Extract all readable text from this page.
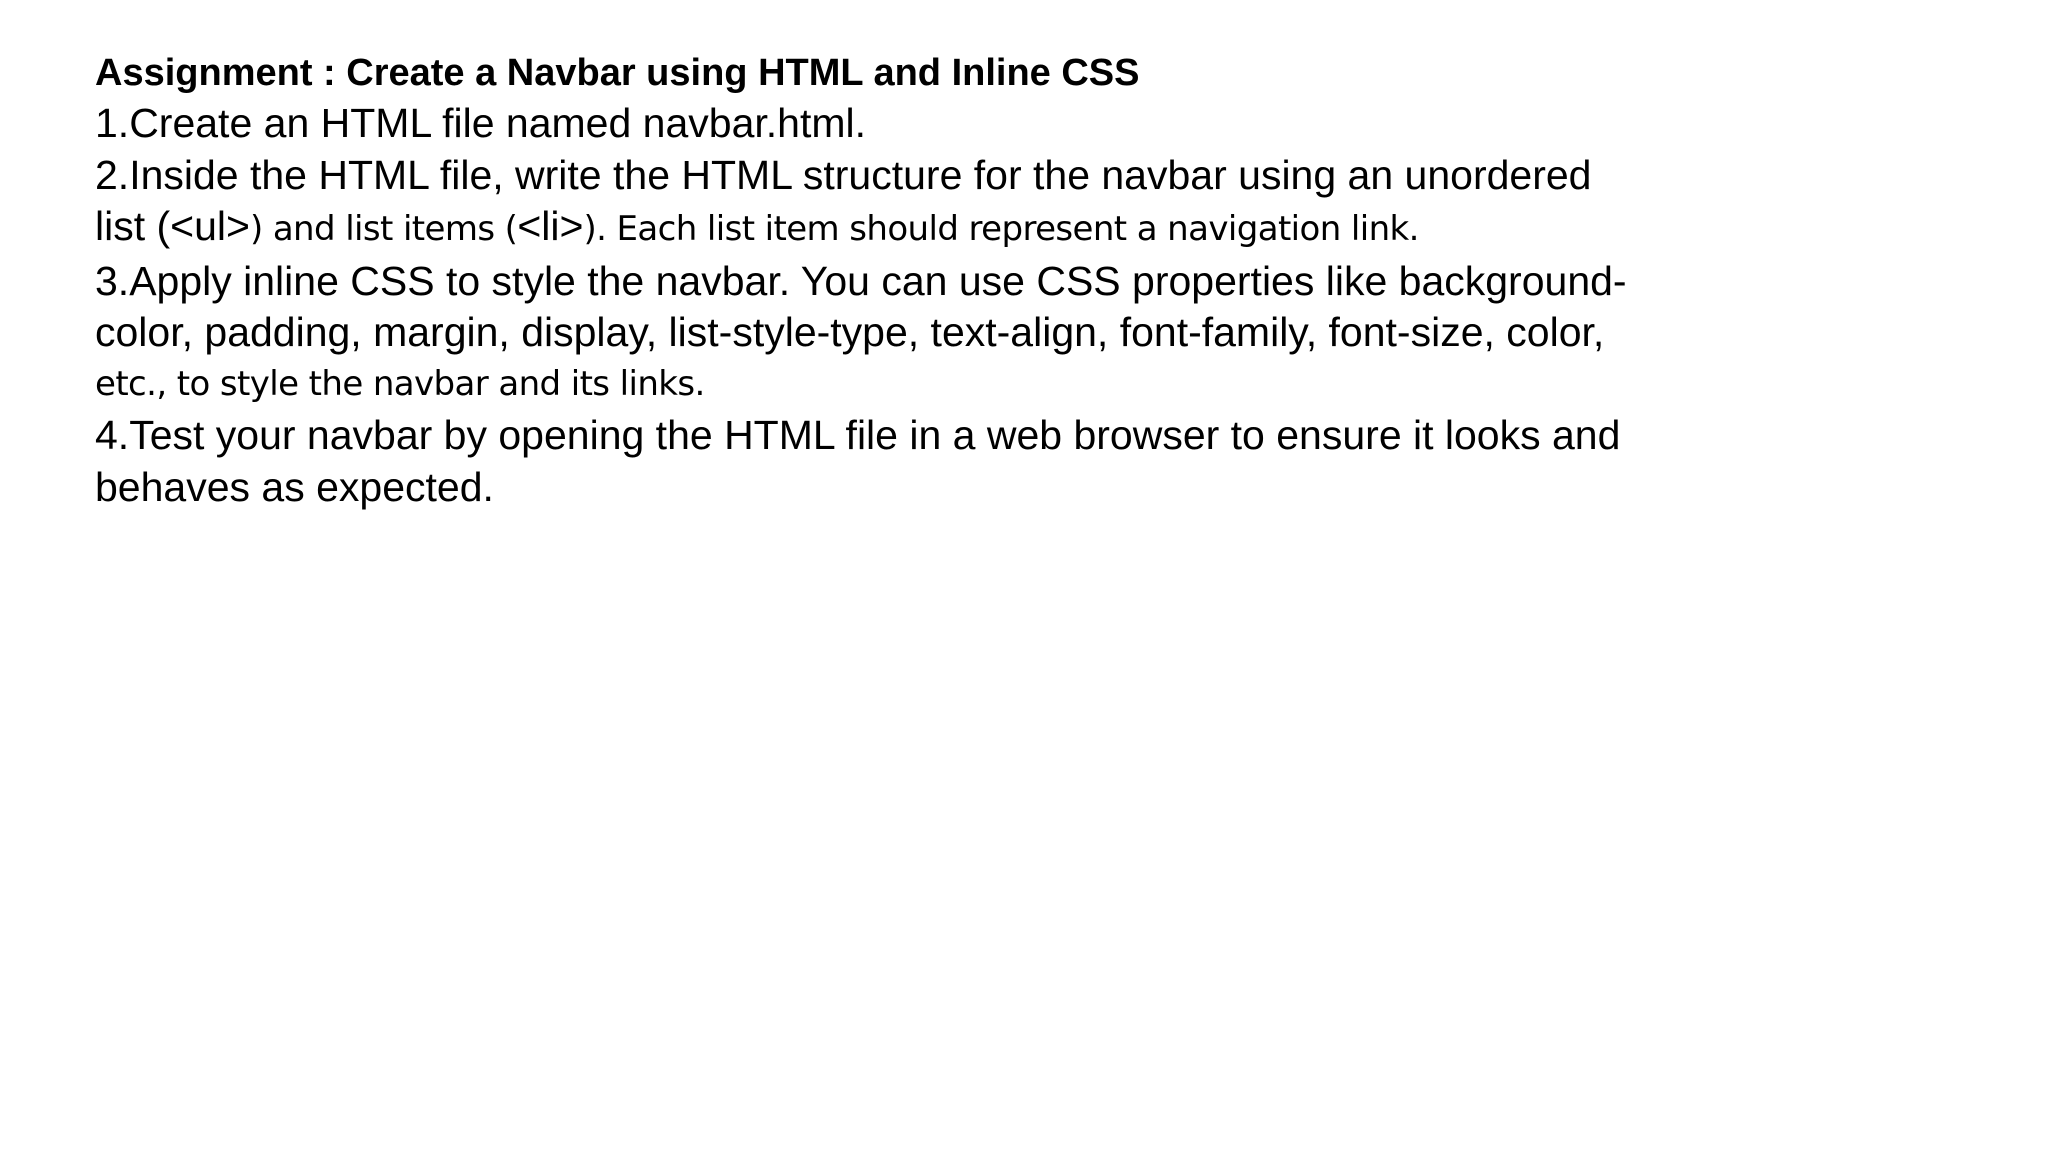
Assignment : Create a Navbar using HTML and Inline CSS

1.Create an HTML file named navbar.html.

2.Inside the HTML file, write the HTML structure for the navbar using an unordered

list (<ul>) and list items (<li>). Each list item should represent a navigation link.

3.Apply inline CSS to style the navbar. You can use CSS properties like background-

color, padding, margin, display, list-style-type, text-align, font-family, font-size, color,

etc., to style the navbar and its links.

4.Test your navbar by opening the HTML file in a web browser to ensure it looks and

behaves as expected.
